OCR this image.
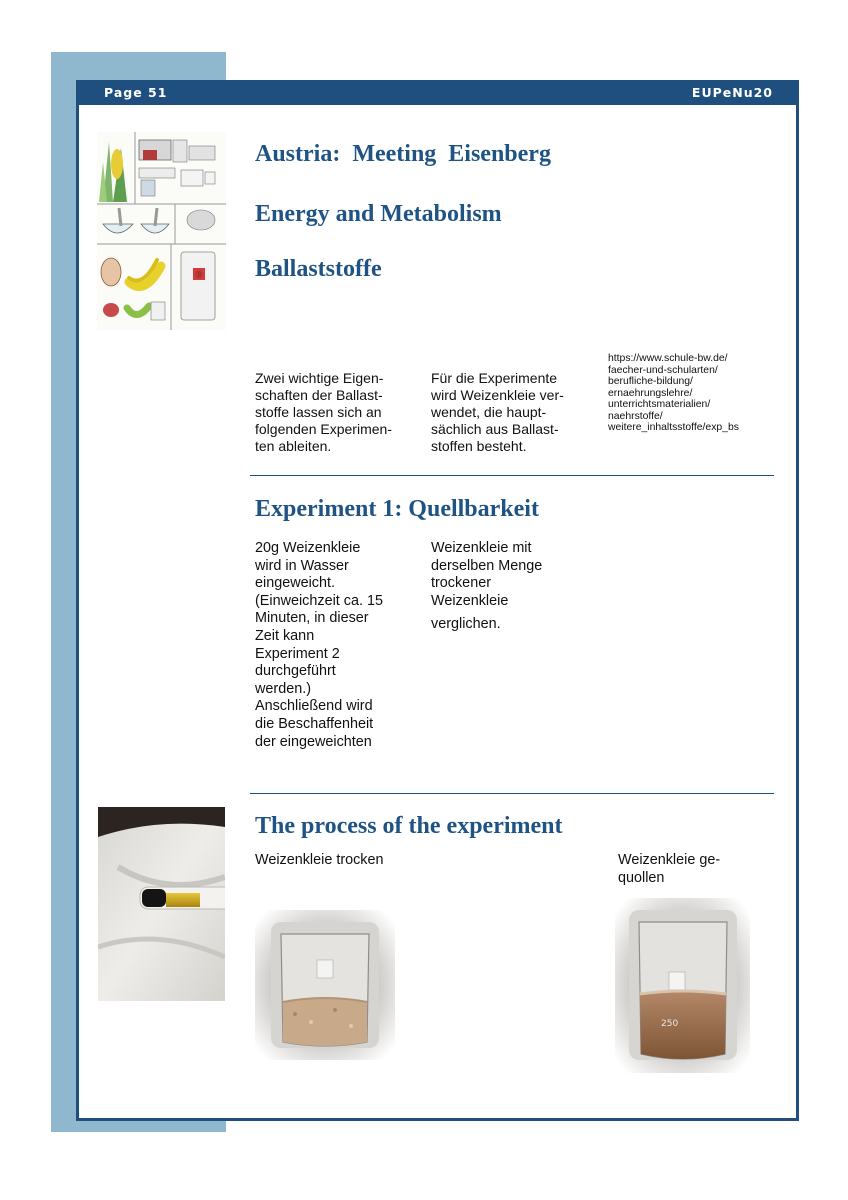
Page 51	EUPeNu20
Ⓑ
Austria:  Meeting  Eisenberg
Energy and Metabolism
Ballaststoffe

Zwei wichtige Eigen-
schaften der Ballast-
stoffe lassen sich an
folgenden Experimen-
ten ableiten.

Für die Experimente
wird Weizenkleie ver-
wendet, die haupt-
sächlich aus Ballast-
stoffen besteht.

https://www.schule-bw.de/
faecher-und-schularten/
berufliche-bildung/
ernaehrungslehre/
unterrichtsmaterialien/
naehrstoffe/
weitere_inhaltsstoffe/exp_bs

Experiment 1: Quellbarkeit

20g Weizenkleie
wird in Wasser
eingeweicht.
(Einweichzeit ca. 15
Minuten, in dieser
Zeit kann
Experiment 2
durchgeführt
werden.)
Anschließend wird
die Beschaffenheit
der eingeweichten

Weizenkleie mit
derselben Menge
trockener
Weizenkleie

verglichen.

The process of the experiment

Weizenkleie trocken	Weizenkleie ge-
quollen

250
